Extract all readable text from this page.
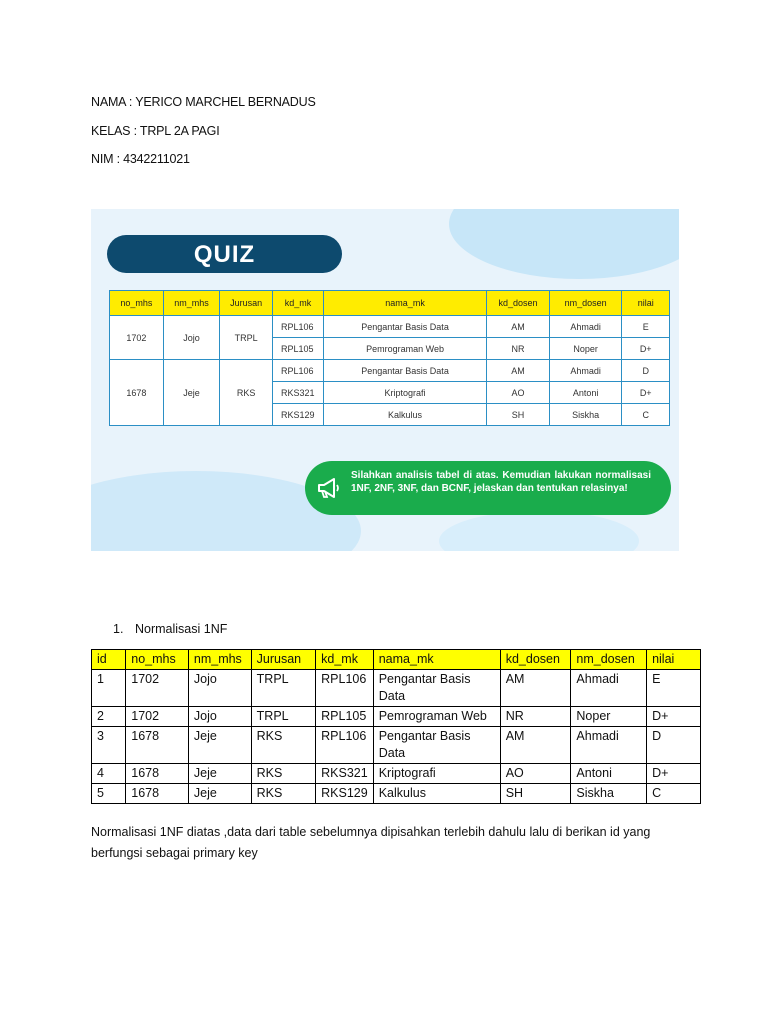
NAMA : YERICO MARCHEL BERNADUS
KELAS : TRPL 2A PAGI
NIM : 4342211021
QUIZ
no_mhs	nm_mhs	Jurusan	kd_mk	nama_mk	kd_dosen	nm_dosen	nilai
1702	Jojo	TRPL	RPL106	Pengantar Basis Data	AM	Ahmadi	E
			RPL105	Pemrograman Web	NR	Noper	D+
1678	Jeje	RKS	RPL106	Pengantar Basis Data	AM	Ahmadi	D
			RKS321	Kriptografi	AO	Antoni	D+
			RKS129	Kalkulus	SH	Siskha	C
Silahkan analisis tabel di atas. Kemudian lakukan normalisasi 1NF, 2NF, 3NF, dan BCNF, jelaskan dan tentukan relasinya!
1. Normalisasi 1NF
id	no_mhs	nm_mhs	Jurusan	kd_mk	nama_mk	kd_dosen	nm_dosen	nilai
1	1702	Jojo	TRPL	RPL106	Pengantar Basis Data	AM	Ahmadi	E
2	1702	Jojo	TRPL	RPL105	Pemrograman Web	NR	Noper	D+
3	1678	Jeje	RKS	RPL106	Pengantar Basis Data	AM	Ahmadi	D
4	1678	Jeje	RKS	RKS321	Kriptografi	AO	Antoni	D+
5	1678	Jeje	RKS	RKS129	Kalkulus	SH	Siskha	C
Normalisasi 1NF diatas ,data dari table sebelumnya dipisahkan terlebih dahulu lalu di berikan id yang berfungsi sebagai primary key
